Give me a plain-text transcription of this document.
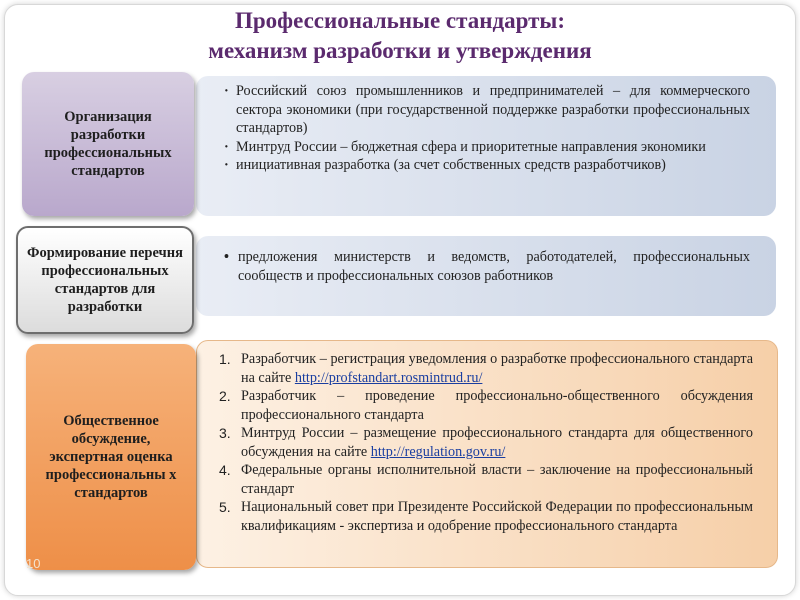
Профессиональные стандарты:
механизм разработки и утверждения
· Российский союз промышленников и предпринимателей – для коммерческого сектора экономики (при государственной поддержке разработки профессиональных стандартов)
· Минтруд России – бюджетная сфера и приоритетные направления экономики
· инициативная разработка (за счет собственных средств разработчиков)
Организация разработки профессиональных стандартов
• предложения министерств и ведомств, работодателей, профессиональных сообществ и профессиональных союзов работников
Формирование перечня профессиональных стандартов для разработки
1. Разработчик – регистрация уведомления о разработке профессионального стандарта на сайте http://profstandart.rosmintrud.ru/
2. Разработчик – проведение профессионально-общественного обсуждения профессионального стандарта
3. Минтруд России – размещение профессионального стандарта для общественного обсуждения на сайте http://regulation.gov.ru/
4. Федеральные органы исполнительной власти – заключение на профессиональный стандарт
5. Национальный совет при Президенте Российской Федерации по профессиональным квалификациям - экспертиза и одобрение профессионального стандарта
Общественное обсуждение, экспертная оценка профессиональны х стандартов
10
